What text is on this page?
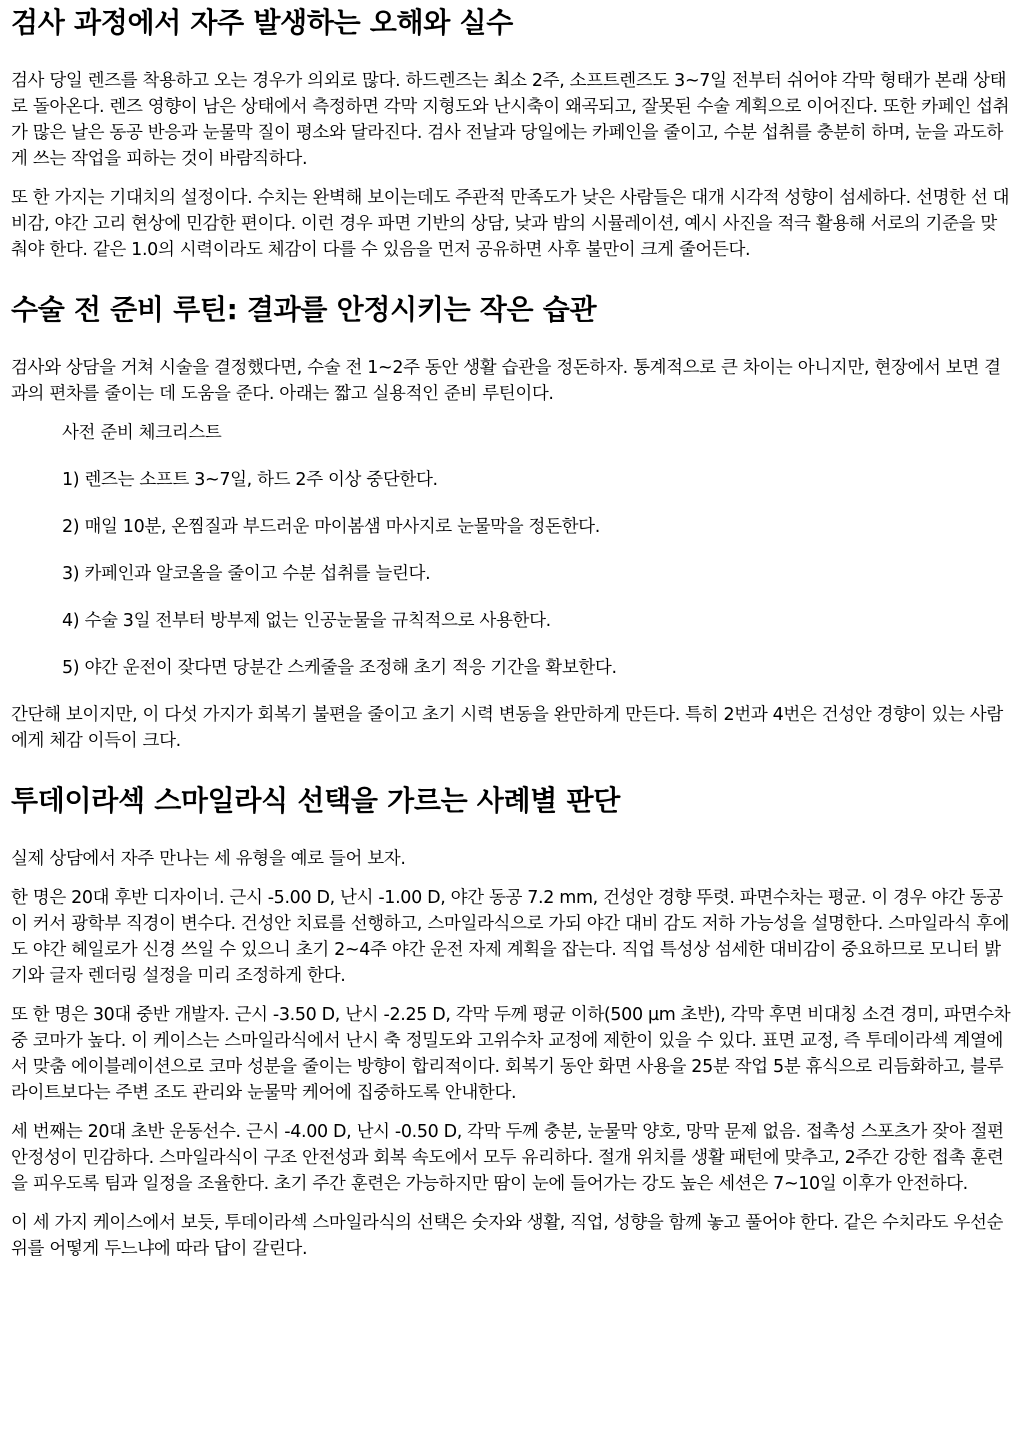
검사 과정에서 자주 발생하는 오해와 실수

검사 당일 렌즈를 착용하고 오는 경우가 의외로 많다. 하드렌즈는 최소 2주, 소프트렌즈도 3~7일 전부터 쉬어야 각막 형태가 본래 상태로 돌아온다. 렌즈 영향이 남은 상태에서 측정하면 각막 지형도와 난시축이 왜곡되고, 잘못된 수술 계획으로 이어진다. 또한 카페인 섭취가 많은 날은 동공 반응과 눈물막 질이 평소와 달라진다. 검사 전날과 당일에는 카페인을 줄이고, 수분 섭취를 충분히 하며, 눈을 과도하게 쓰는 작업을 피하는 것이 바람직하다.

또 한 가지는 기대치의 설정이다. 수치는 완벽해 보이는데도 주관적 만족도가 낮은 사람들은 대개 시각적 성향이 섬세하다. 선명한 선 대비감, 야간 고리 현상에 민감한 편이다. 이런 경우 파면 기반의 상담, 낮과 밤의 시뮬레이션, 예시 사진을 적극 활용해 서로의 기준을 맞춰야 한다. 같은 1.0의 시력이라도 체감이 다를 수 있음을 먼저 공유하면 사후 불만이 크게 줄어든다.

수술 전 준비 루틴: 결과를 안정시키는 작은 습관

검사와 상담을 거쳐 시술을 결정했다면, 수술 전 1~2주 동안 생활 습관을 정돈하자. 통계적으로 큰 차이는 아니지만, 현장에서 보면 결과의 편차를 줄이는 데 도움을 준다. 아래는 짧고 실용적인 준비 루틴이다.

사전 준비 체크리스트

1) 렌즈는 소프트 3~7일, 하드 2주 이상 중단한다.

2) 매일 10분, 온찜질과 부드러운 마이봄샘 마사지로 눈물막을 정돈한다.

3) 카페인과 알코올을 줄이고 수분 섭취를 늘린다.

4) 수술 3일 전부터 방부제 없는 인공눈물을 규칙적으로 사용한다.

5) 야간 운전이 잦다면 당분간 스케줄을 조정해 초기 적응 기간을 확보한다.

간단해 보이지만, 이 다섯 가지가 회복기 불편을 줄이고 초기 시력 변동을 완만하게 만든다. 특히 2번과 4번은 건성안 경향이 있는 사람에게 체감 이득이 크다.

투데이라섹 스마일라식 선택을 가르는 사례별 판단

실제 상담에서 자주 만나는 세 유형을 예로 들어 보자.

한 명은 20대 후반 디자이너. 근시 -5.00 D, 난시 -1.00 D, 야간 동공 7.2 mm, 건성안 경향 뚜렷. 파면수차는 평균. 이 경우 야간 동공이 커서 광학부 직경이 변수다. 건성안 치료를 선행하고, 스마일라식으로 가되 야간 대비 감도 저하 가능성을 설명한다. 스마일라식 후에도 야간 헤일로가 신경 쓰일 수 있으니 초기 2~4주 야간 운전 자제 계획을 잡는다. 직업 특성상 섬세한 대비감이 중요하므로 모니터 밝기와 글자 렌더링 설정을 미리 조정하게 한다.

또 한 명은 30대 중반 개발자. 근시 -3.50 D, 난시 -2.25 D, 각막 두께 평균 이하(500 µm 초반), 각막 후면 비대칭 소견 경미, 파면수차 중 코마가 높다. 이 케이스는 스마일라식에서 난시 축 정밀도와 고위수차 교정에 제한이 있을 수 있다. 표면 교정, 즉 투데이라섹 계열에서 맞춤 에이블레이션으로 코마 성분을 줄이는 방향이 합리적이다. 회복기 동안 화면 사용을 25분 작업 5분 휴식으로 리듬화하고, 블루라이트보다는 주변 조도 관리와 눈물막 케어에 집중하도록 안내한다.

세 번째는 20대 초반 운동선수. 근시 -4.00 D, 난시 -0.50 D, 각막 두께 충분, 눈물막 양호, 망막 문제 없음. 접촉성 스포츠가 잦아 절편 안정성이 민감하다. 스마일라식이 구조 안전성과 회복 속도에서 모두 유리하다. 절개 위치를 생활 패턴에 맞추고, 2주간 강한 접촉 훈련을 피우도록 팀과 일정을 조율한다. 초기 주간 훈련은 가능하지만 땀이 눈에 들어가는 강도 높은 세션은 7~10일 이후가 안전하다.

이 세 가지 케이스에서 보듯, 투데이라섹 스마일라식의 선택은 숫자와 생활, 직업, 성향을 함께 놓고 풀어야 한다. 같은 수치라도 우선순위를 어떻게 두느냐에 따라 답이 갈린다.
